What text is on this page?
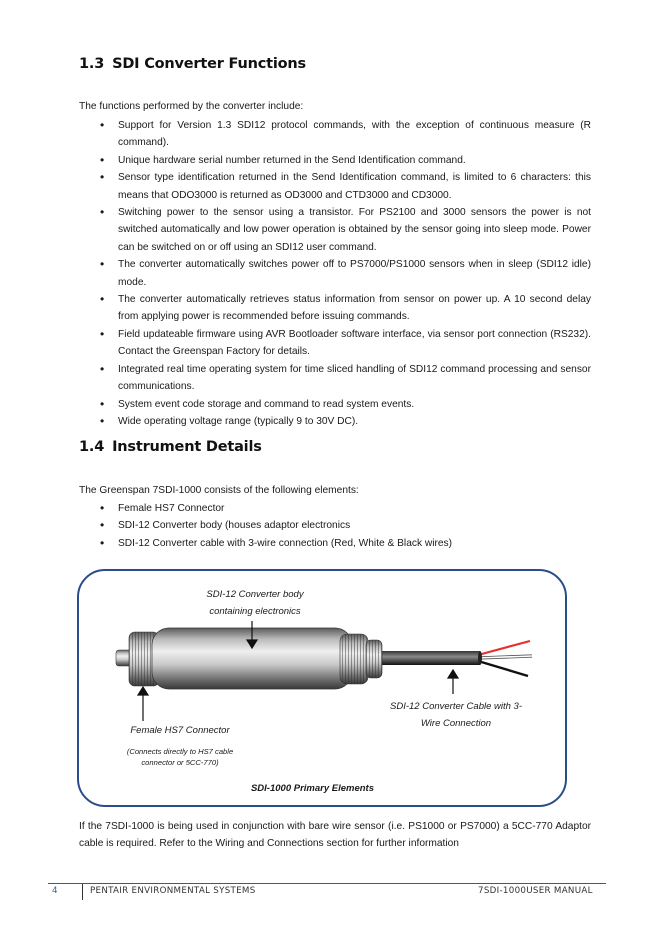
1.3 SDI Converter Functions

The functions performed by the converter include:

• Support for Version 1.3 SDI12 protocol commands, with the exception of continuous measure (R command).
• Unique hardware serial number returned in the Send Identification command.
• Sensor type identification returned in the Send Identification command, is limited to 6 characters: this means that ODO3000 is returned as OD3000 and CTD3000 and CD3000.
• Switching power to the sensor using a transistor. For PS2100 and 3000 sensors the power is not switched automatically and low power operation is obtained by the sensor going into sleep mode. Power can be switched on or off using an SDI12 user command.
• The converter automatically switches power off to PS7000/PS1000 sensors when in sleep (SDI12 idle) mode.
• The converter automatically retrieves status information from sensor on power up. A 10 second delay from applying power is recommended before issuing commands.
• Field updateable firmware using AVR Bootloader software interface, via sensor port connection (RS232). Contact the Greenspan Factory for details.
• Integrated real time operating system for time sliced handling of SDI12 command processing and sensor communications.
• System event code storage and command to read system events.
• Wide operating voltage range (typically 9 to 30V DC).
1.4 Instrument Details

The Greenspan 7SDI-1000 consists of the following elements:

• Female HS7 Connector
• SDI-12 Converter body (houses adaptor electronics
• SDI-12 Converter cable with 3-wire connection (Red, White & Black wires)
SDI-12 Converter body
containing electronics
SDI-12 Converter Cable with 3-
Wire Connection
Female HS7 Connector
(Connects directly to HS7 cable
connector or 5CC-770)
SDI-1000 Primary Elements

If the 7SDI-1000 is being used in conjunction with bare wire sensor (i.e. PS1000 or PS7000) a 5CC-770 Adaptor cable is required. Refer to the Wiring and Connections section for further information

4	PENTAIR ENVIRONMENTAL SYSTEMS	7SDI-1000USER MANUAL
